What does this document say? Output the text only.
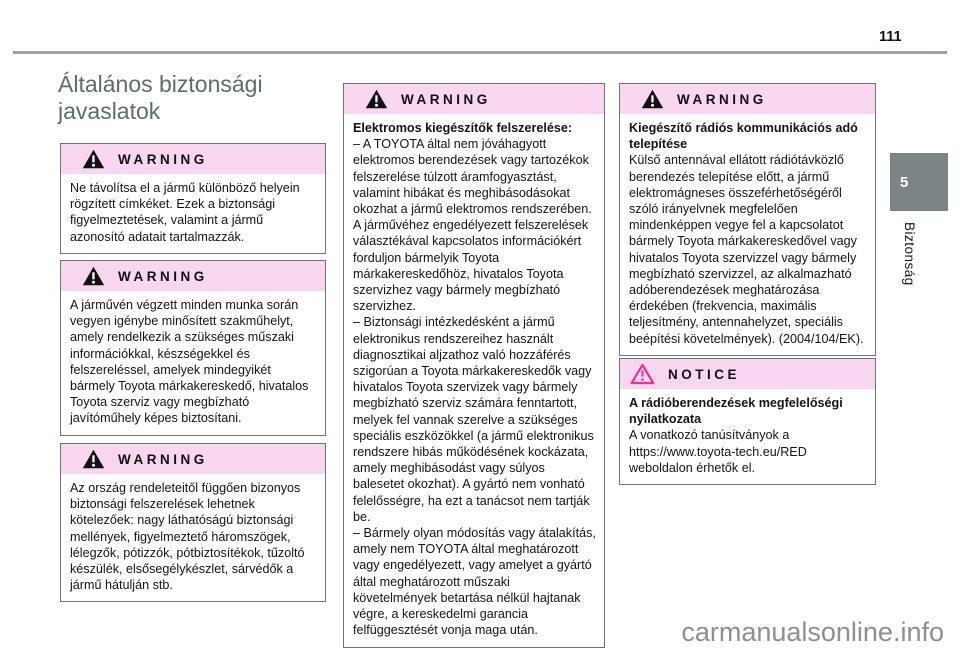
111
Általános biztonsági javaslatok
WARNING

Ne távolítsa el a jármű különböző helyein rögzített címkéket. Ezek a biztonsági figyelmeztetések, valamint a jármű azonosító adatait tartalmazzák.

WARNING

A járművén végzett minden munka során vegyen igénybe minősített szakműhelyt, amely rendelkezik a szükséges műszaki információkkal, készségekkel és felszereléssel, amelyek mindegyikét bármely Toyota márkakereskedő, hivatalos Toyota szerviz vagy megbízható javítóműhely képes biztosítani.

WARNING

Az ország rendeleteitől függően bizonyos biztonsági felszerelések lehetnek kötelezőek: nagy láthatóságú biztonsági mellények, figyelmeztető háromszögek, lélegzők, pótizzók, pótbiztosítékok, tűzoltó készülék, elsősegélykészlet, sárvédők a jármű hátulján stb.

WARNING

Elektromos kiegészítők felszerelése:

– A TOYOTA által nem jóváhagyott elektromos berendezések vagy tartozékok felszerelése túlzott áramfogyasztást, valamint hibákat és meghibásodásokat okozhat a jármű elektromos rendszerében. A járművéhez engedélyezett felszerelések választékával kapcsolatos információkért forduljon bármelyik Toyota márkakereskedőhöz, hivatalos Toyota szervizhez vagy bármely megbízható szervizhez.

– Biztonsági intézkedésként a jármű elektronikus rendszereihez használt diagnosztikai aljzathoz való hozzáférés szigorúan a Toyota márkakereskedők vagy hivatalos Toyota szervizek vagy bármely megbízható szerviz számára fenntartott, melyek fel vannak szerelve a szükséges speciális eszközökkel (a jármű elektronikus rendszere hibás működésének kockázata, amely meghibásodást vagy súlyos balesetet okozhat). A gyártó nem vonható felelősségre, ha ezt a tanácsot nem tartják be.

– Bármely olyan módosítás vagy átalakítás, amely nem TOYOTA által meghatározott vagy engedélyezett, vagy amelyet a gyártó által meghatározott műszaki követelmények betartása nélkül hajtanak végre, a kereskedelmi garancia felfüggesztését vonja maga után.

WARNING

Kiegészítő rádiós kommunikációs adó telepítése

Külső antennával ellátott rádiótávközlő berendezés telepítése előtt, a jármű elektromágneses összeférhetőségéről szóló irányelvnek megfelelően mindenképpen vegye fel a kapcsolatot bármely Toyota márkakereskedővel vagy hivatalos Toyota szervizzel vagy bármely megbízható szervizzel, az alkalmazható adóberendezések meghatározása érdekében (frekvencia, maximális teljesítmény, antennahelyzet, speciális beépítési követelmények). (2004/104/EK).

NOTICE

A rádióberendezések megfelelőségi nyilatkozata

A vonatkozó tanúsítványok a https://www.toyota-tech.eu/RED weboldalon érhetők el.

5
Biztonság
carmanualsonline.info
